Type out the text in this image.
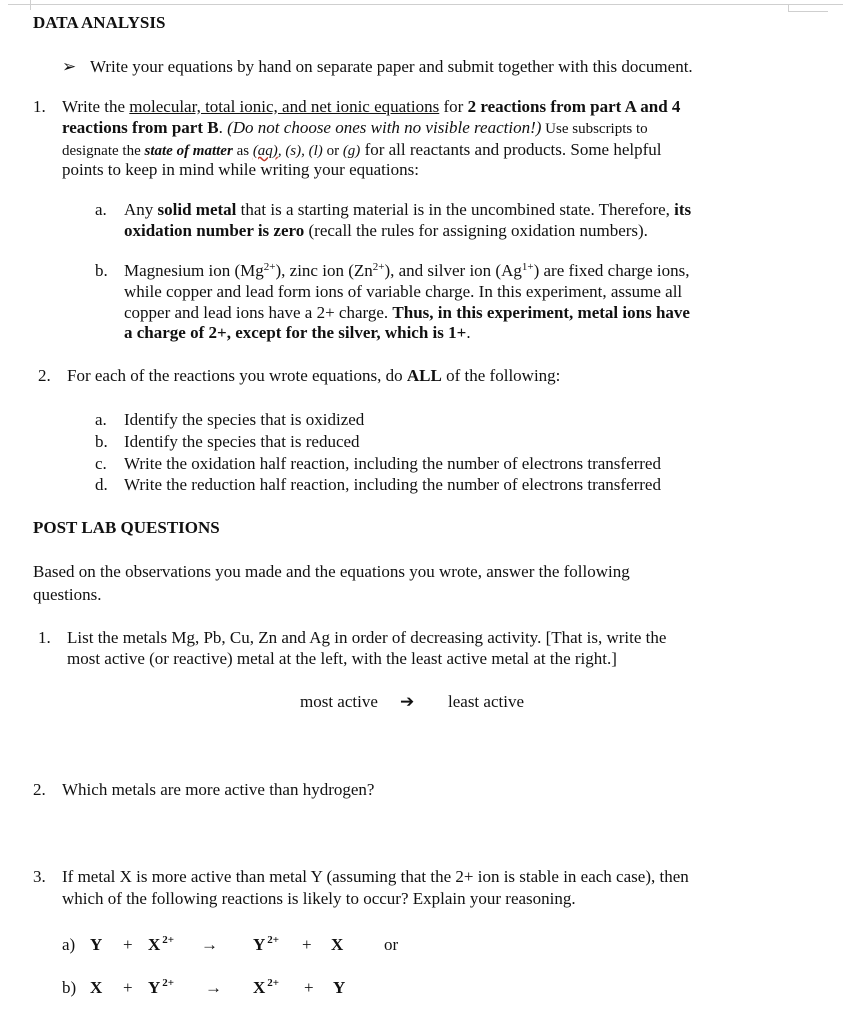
DATA ANALYSIS
➢ Write your equations by hand on separate paper and submit together with this document.
1. Write the molecular, total ionic, and net ionic equations for 2 reactions from part A and 4
reactions from part B. (Do not choose ones with no visible reaction!) Use subscripts to
designate the state of matter as (aq), (s), (l) or (g) for all reactants and products. Some helpful
points to keep in mind while writing your equations:
a. Any solid metal that is a starting material is in the uncombined state. Therefore, its
oxidation number is zero (recall the rules for assigning oxidation numbers).
b. Magnesium ion $(Mg^{2+})$, zinc ion $(Zn^{2+})$, and silver ion $(Ag^{1+})$ are fixed charge ions,
while copper and lead form ions of variable charge. In this experiment, assume all
copper and lead ions have a 2+ charge. Thus, in this experiment, metal ions have
a charge of 2+, except for the silver, which is 1+.
2. For each of the reactions you wrote equations, do ALL of the following:
a. Identify the species that is oxidized
b. Identify the species that is reduced
c. Write the oxidation half reaction, including the number of electrons transferred
d. Write the reduction half reaction, including the number of electrons transferred
POST LAB QUESTIONS
Based on the observations you made and the equations you wrote, answer the following
questions.
1. List the metals Mg, Pb, Cu, Zn and Ag in order of decreasing activity. [That is, write the
most active (or reactive) metal at the left, with the least active metal at the right.]
most active ➔ least active
2. Which metals are more active than hydrogen?
3. If metal X is more active than metal Y (assuming that the 2+ ion is stable in each case), then
which of the following reactions is likely to occur? Explain your reasoning.
a) Y + X $^{2+}$ → Y $^{2+}$ + X or
b) X + Y $^{2+}$ → X $^{2+}$ + Y
